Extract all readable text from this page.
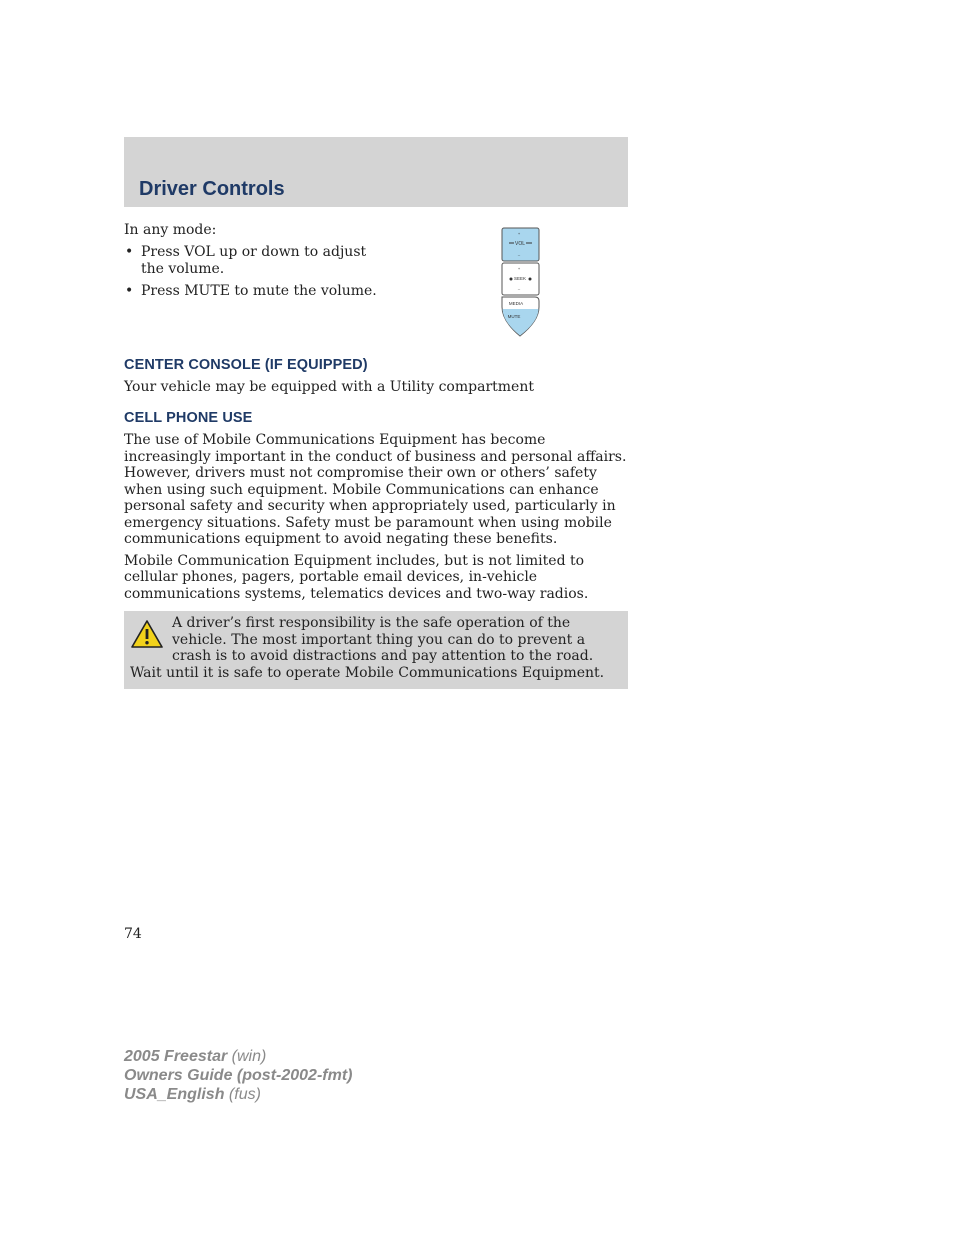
Driver Controls

In any mode:

• Press VOL up or down to adjust the volume.
• Press MUTE to mute the volume.
+
VOL
–
+
SEEK
–
MEDIA
MUTE
CENTER CONSOLE (IF EQUIPPED)

Your vehicle may be equipped with a Utility compartment

CELL PHONE USE

The use of Mobile Communications Equipment has become increasingly important in the conduct of business and personal affairs. However, drivers must not compromise their own or others’ safety when using such equipment. Mobile Communications can enhance personal safety and security when appropriately used, particularly in emergency situations. Safety must be paramount when using mobile communications equipment to avoid negating these benefits.

Mobile Communication Equipment includes, but is not limited to cellular phones, pagers, portable email devices, in-vehicle communications systems, telematics devices and two-way radios.

A driver’s first responsibility is the safe operation of the vehicle. The most important thing you can do to prevent a crash is to avoid distractions and pay attention to the road. Wait until it is safe to operate Mobile Communications Equipment.

74
2005 Freestar (win)
Owners Guide (post-2002-fmt)
USA_English (fus)
